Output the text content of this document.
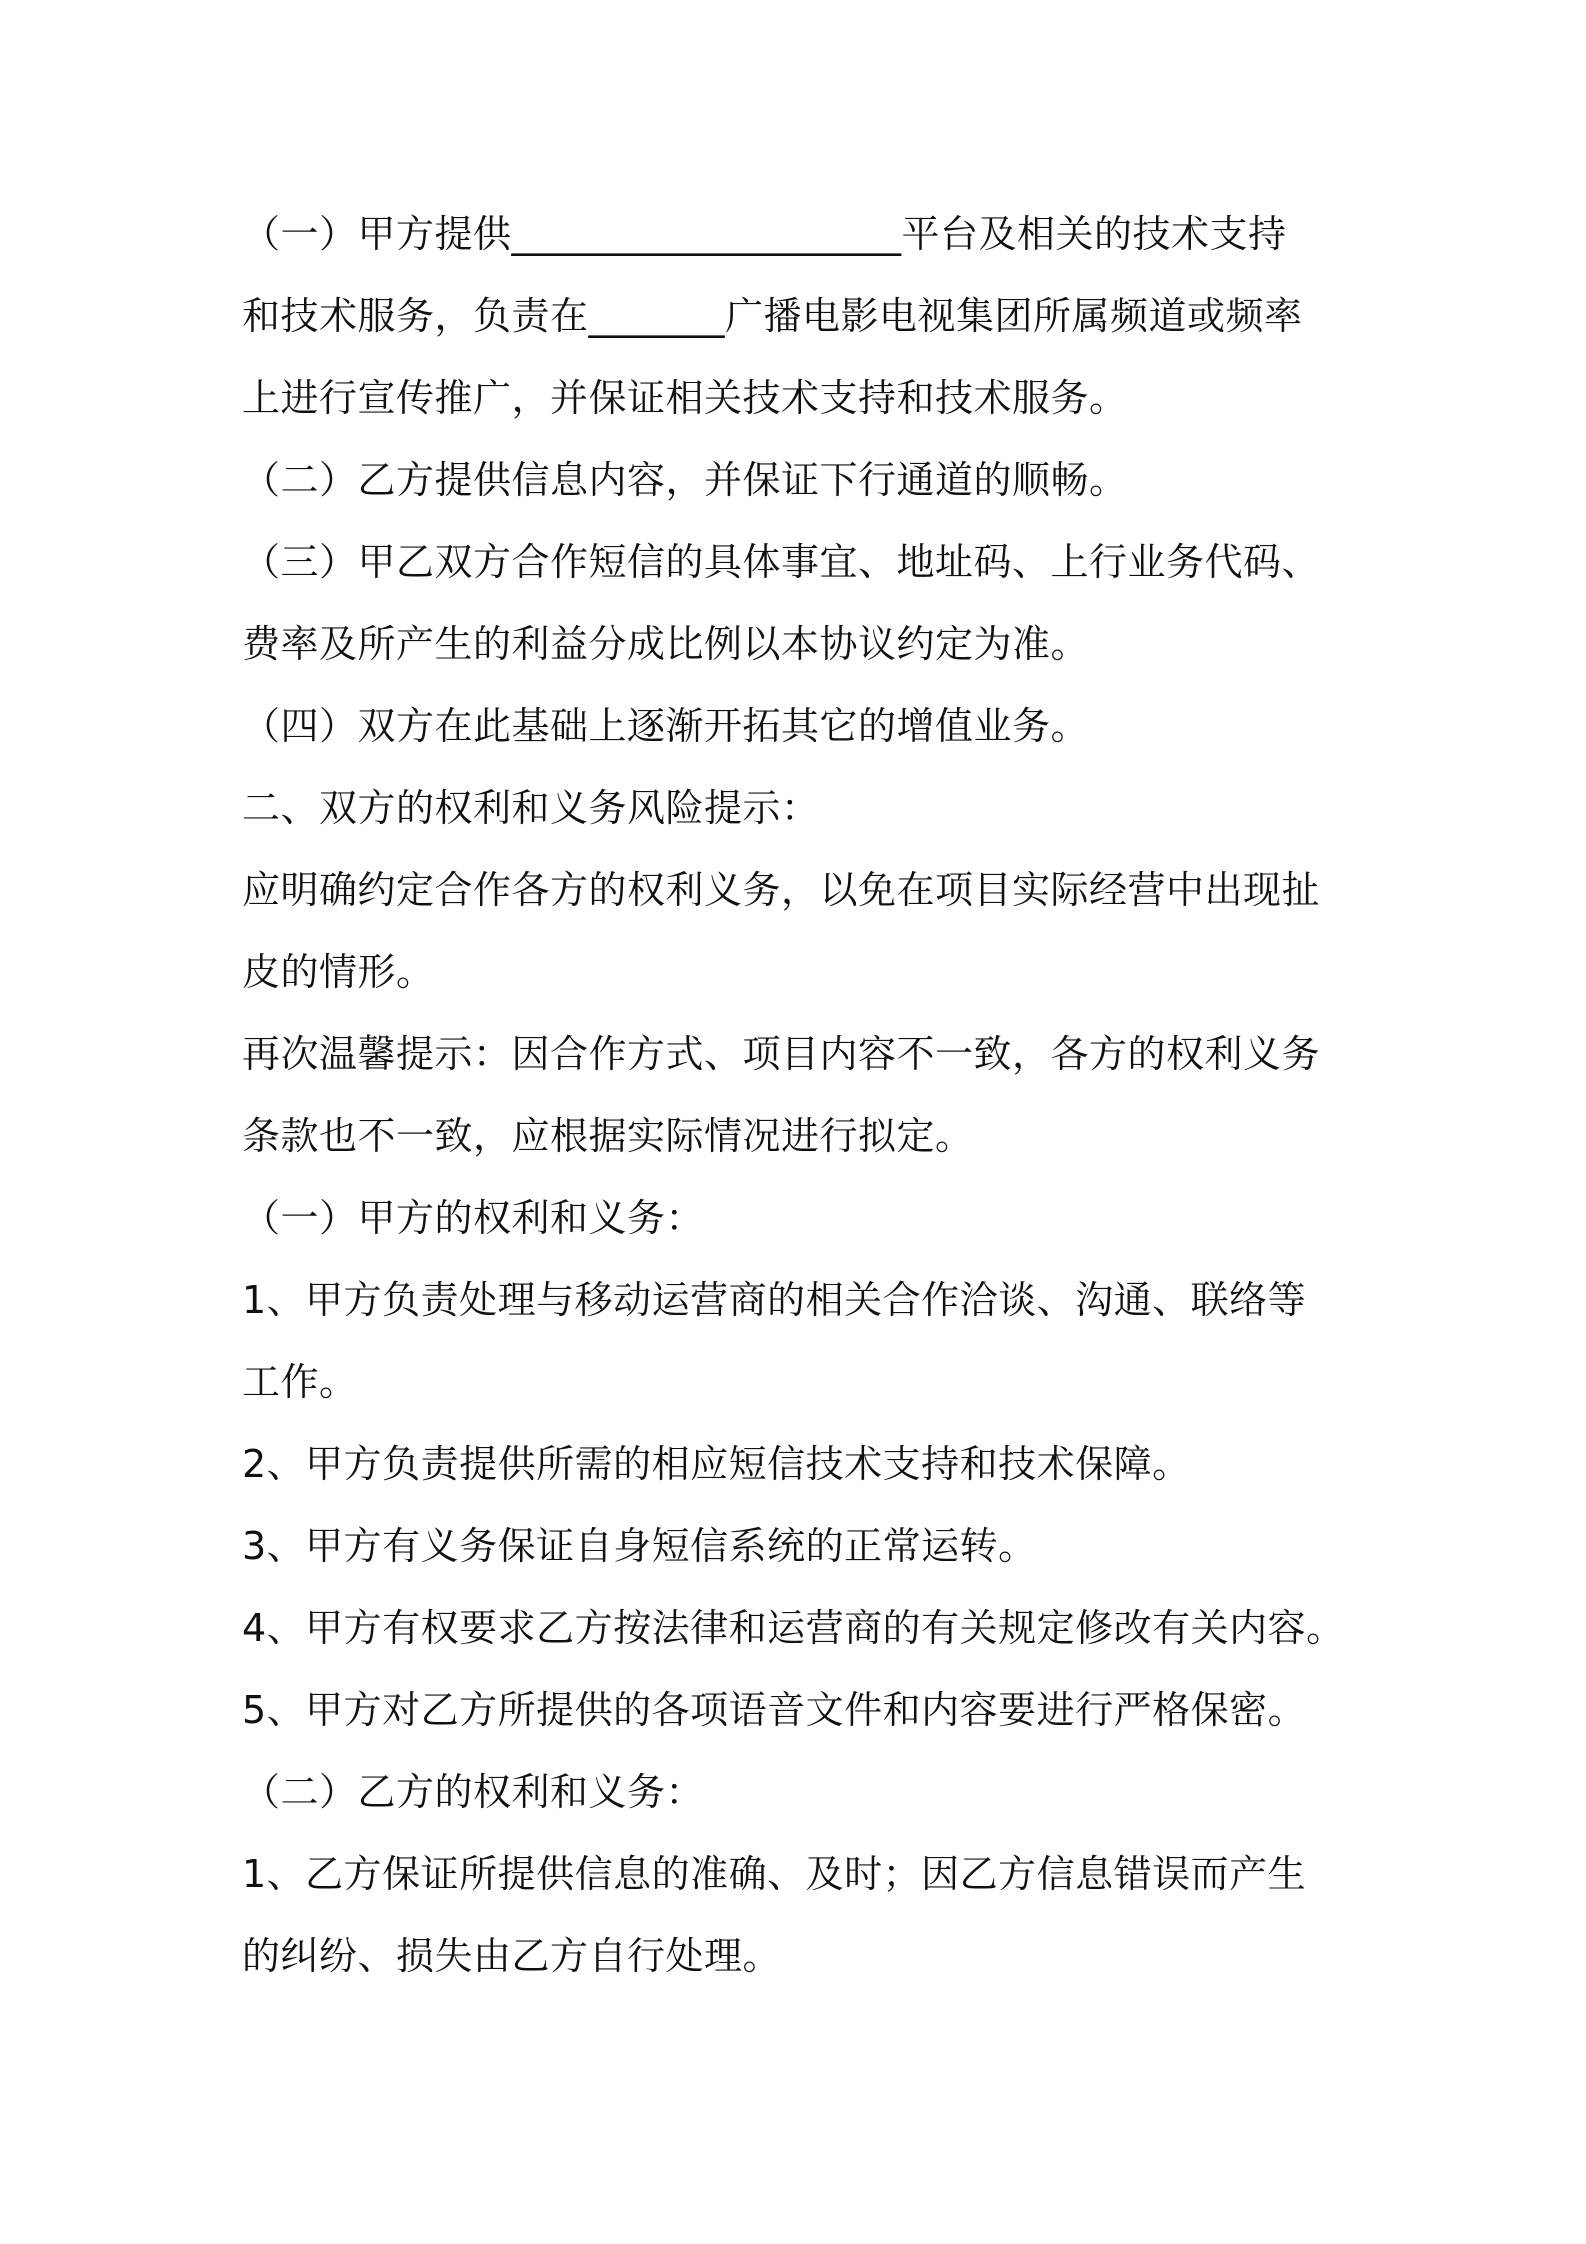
（一）甲方提供____________________平台及相关的技术支持
和技术服务，负责在_______广播电影电视集团所属频道或频率
上进行宣传推广，并保证相关技术支持和技术服务。
（二）乙方提供信息内容，并保证下行通道的顺畅。
（三）甲乙双方合作短信的具体事宜、地址码、上行业务代码、
费率及所产生的利益分成比例以本协议约定为准。
（四）双方在此基础上逐渐开拓其它的增值业务。
二、双方的权利和义务风险提示：
应明确约定合作各方的权利义务，以免在项目实际经营中出现扯
皮的情形。
再次温馨提示：因合作方式、项目内容不一致，各方的权利义务
条款也不一致，应根据实际情况进行拟定。
（一）甲方的权利和义务：
1、甲方负责处理与移动运营商的相关合作洽谈、沟通、联络等
工作。
2、甲方负责提供所需的相应短信技术支持和技术保障。
3、甲方有义务保证自身短信系统的正常运转。
4、甲方有权要求乙方按法律和运营商的有关规定修改有关内容。
5、甲方对乙方所提供的各项语音文件和内容要进行严格保密。
（二）乙方的权利和义务：
1、乙方保证所提供信息的准确、及时；因乙方信息错误而产生
的纠纷、损失由乙方自行处理。
